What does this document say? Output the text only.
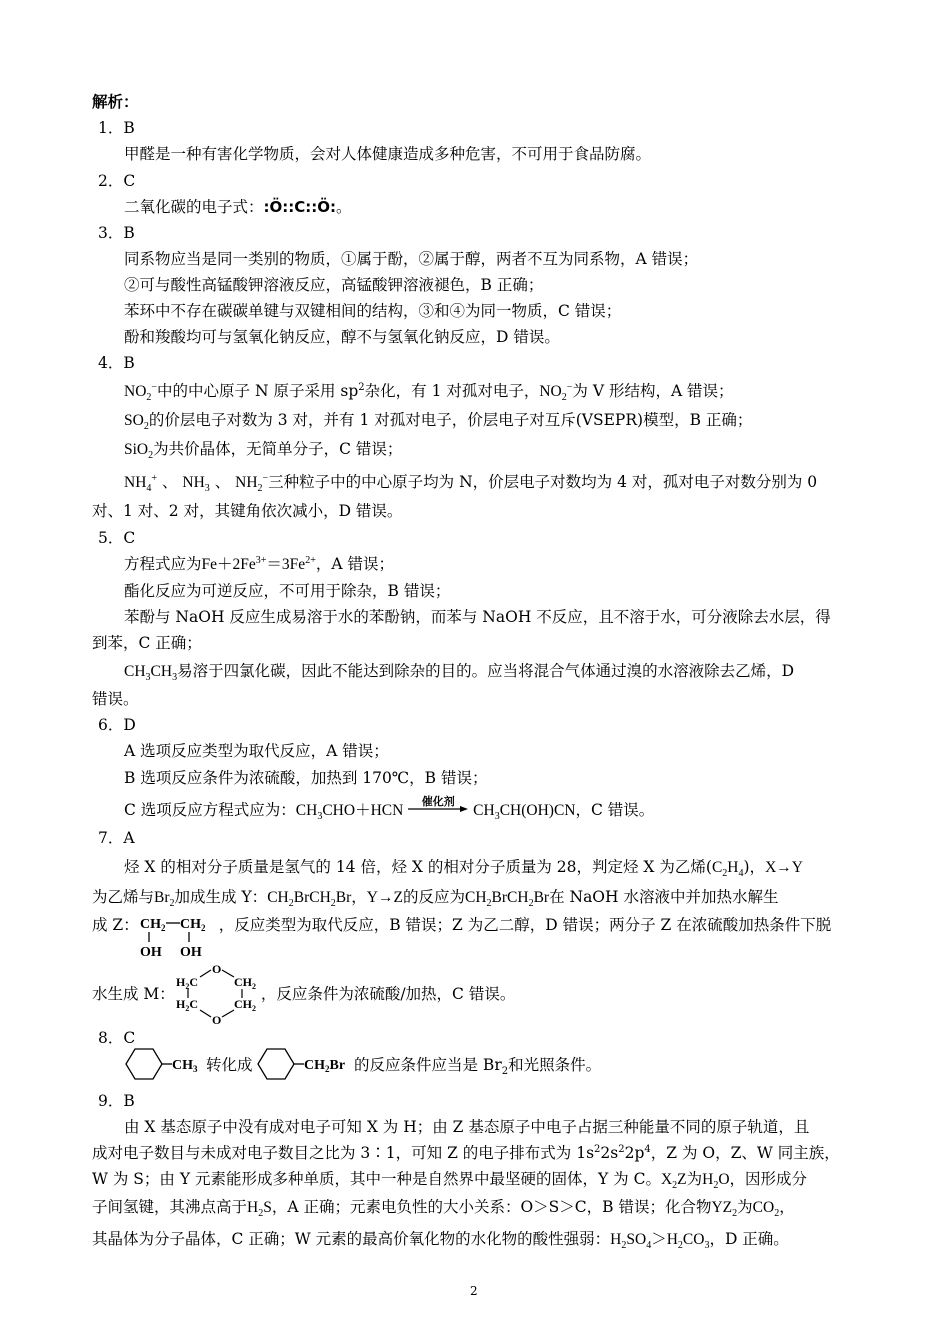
解析：
1．B
甲醛是一种有害化学物质，会对人体健康造成多种危害，不可用于食品防腐。
2．C
二氧化碳的电子式：:Ö::C::Ö:。
3．B
同系物应当是同一类别的物质，①属于酚，②属于醇，两者不互为同系物，A 错误；
②可与酸性高锰酸钾溶液反应，高锰酸钾溶液褪色，B 正确；
苯环中不存在碳碳单键与双键相间的结构，③和④为同一物质，C 错误；
酚和羧酸均可与氢氧化钠反应，醇不与氢氧化钠反应，D 错误。
4．B
$NO_2^-$中的中心原子 N 原子采用 $sp^2$杂化，有 1 对孤对电子，$NO_2^-$为 V 形结构，A 错误；
$SO_2$的价层电子对数为 3 对，并有 1 对孤对电子，价层电子对互斥(VSEPR)模型，B 正确；
SiO$_2$为共价晶体，无简单分子，C 错误；
$NH_4^+$ 、 $NH_3$ 、 $NH_2^-$三种粒子中的中心原子均为 N，价层电子对数均为 4 对，孤对电子对数分别为 0
对、1 对、2 对，其键角依次减小，D 错误。
5．C
方程式应为$Fe+2Fe^{3+}=3Fe^{2+}$，A 错误；
酯化反应为可逆反应，不可用于除杂，B 错误；
苯酚与 NaOH 反应生成易溶于水的苯酚钠，而苯与 NaOH 不反应，且不溶于水，可分液除去水层，得
到苯，C 正确；
$CH_3CH_3$易溶于四氯化碳，因此不能达到除杂的目的。应当将混合气体通过溴的水溶液除去乙烯，D
错误。
6．D
A 选项反应类型为取代反应，A 错误；
B 选项反应条件为浓硫酸，加热到 170℃，B 错误；
C 选项反应方程式应为：$CH_3CHO+HCN$
催化剂
$CH_3CH(OH)CN$，C 错误。
7．A
烃 X 的相对分子质量是氢气的 14 倍，烃 X 的相对分子质量为 28，判定烃 X 为乙烯$(C_2H_4)$，X→Y
为乙烯与$Br_2$加成生成 Y：$CH_2BrCH_2Br$，Y→Z的反应为$CH_2BrCH_2Br$在 NaOH 水溶液中并加热水解生
成 Z：	，反应类型为取代反应，B 错误；Z 为乙二醇，D 错误；两分子 Z 在浓硫酸加热条件下脱
$CH_2$ $CH_2$
OH OH
水生成 M：	，反应条件为浓硫酸/加热，C 错误。
O
O
$H_2C$
$H_2C$
$CH_2$
$CH_2$
8．C
$CH_3$ 转化成	$CH_2Br$ 的反应条件应当是 $Br_2$和光照条件。
9．B
由 X 基态原子中没有成对电子可知 X 为 H；由 Z 基态原子中电子占据三种能量不同的原子轨道，且
成对电子数目与未成对电子数目之比为 3∶1，可知 Z 的电子排布式为 $1s^22s^22p^4$，Z 为 O，Z、W 同主族，
W 为 S；由 Y 元素能形成多种单质，其中一种是自然界中最坚硬的固体，Y 为 C。$X_2Z$为$H_2O$，因形成分
子间氢键，其沸点高于$H_2S$，A 正确；元素电负性的大小关系：O＞S＞C，B 错误；化合物$YZ_2$为$CO_2$，
其晶体为分子晶体，C 正确；W 元素的最高价氧化物的水化物的酸性强弱：$H_2SO_4>H_2CO_3$，D 正确。
2
